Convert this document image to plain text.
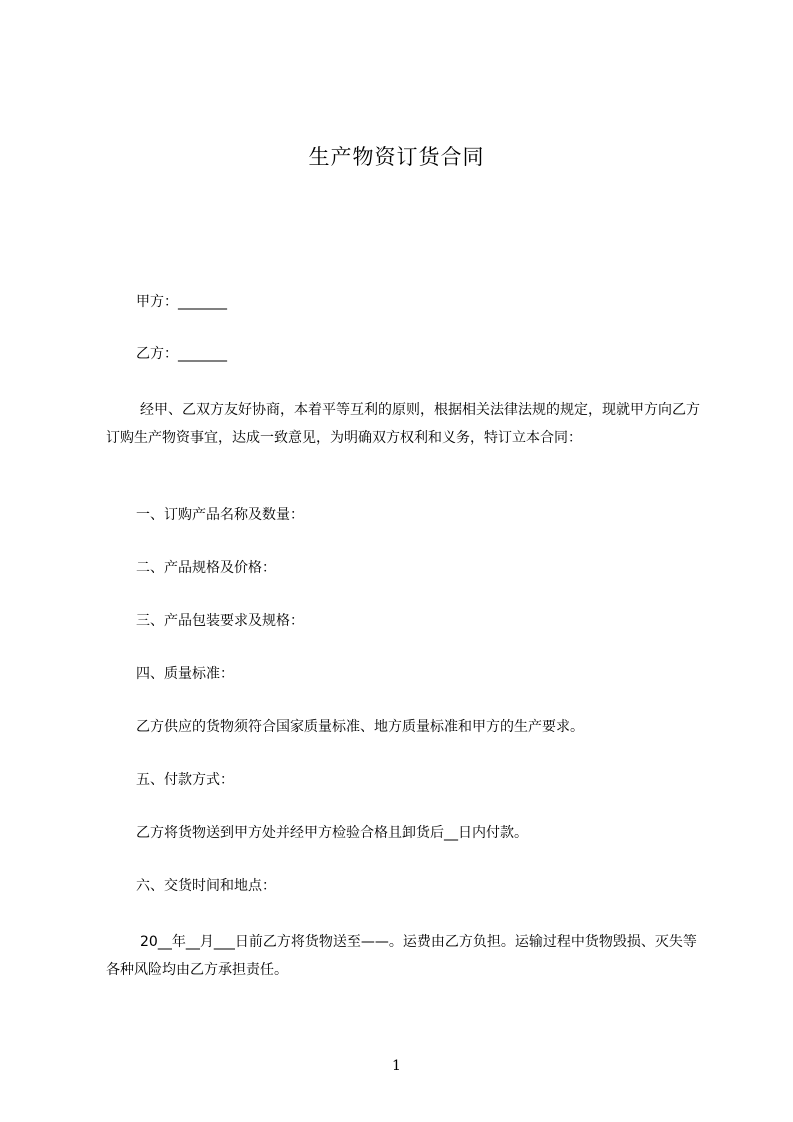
生产物资订货合同
甲方：_______
乙方：_______
经甲、乙双方友好协商，本着平等互利的原则，根据相关法律法规的规定，现就甲方向乙方订购生产物资事宜，达成一致意见，为明确双方权利和义务，特订立本合同：
一、订购产品名称及数量：
二、产品规格及价格：
三、产品包装要求及规格：
四、质量标准：
乙方供应的货物须符合国家质量标准、地方质量标准和甲方的生产要求。
五、付款方式：
乙方将货物送到甲方处并经甲方检验合格且卸货后__日内付款。
六、交货时间和地点：
20__年__月___日前乙方将货物送至——。运费由乙方负担。运输过程中货物毁损、灭失等各种风险均由乙方承担责任。
1
